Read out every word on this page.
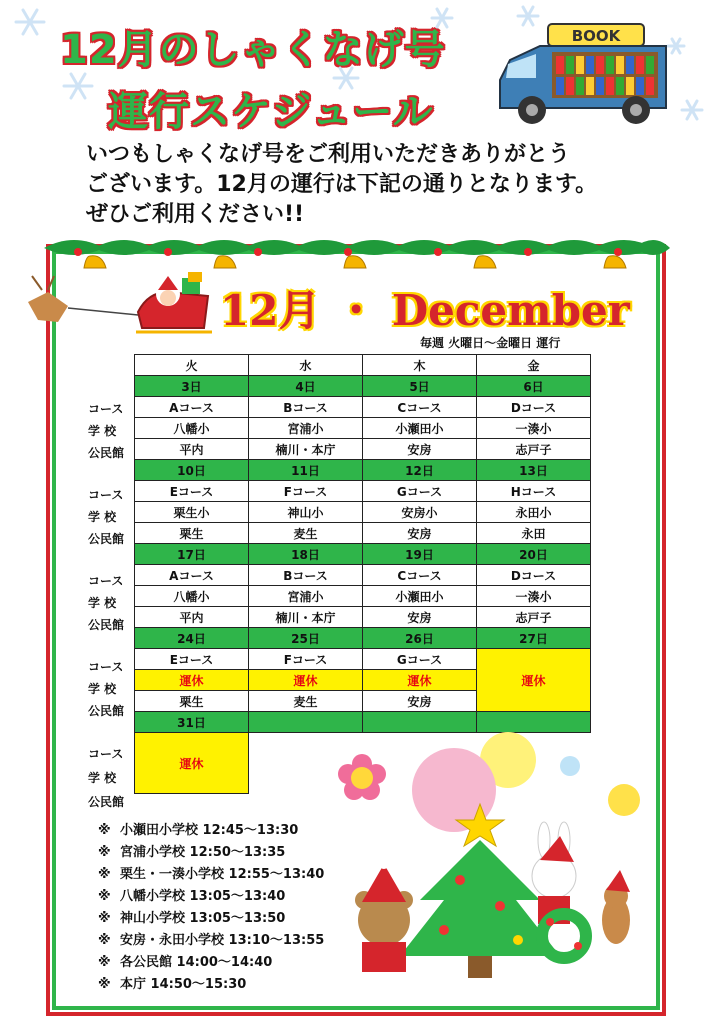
12月のしゃくなげ号
運行スケジュール
BOOK
いつもしゃくなげ号をご利用いただきありがとう
ございます。12月の運行は下記の通りとなります。
ぜひご利用ください!!
12月 ・ December
毎週 火曜日～金曜日 運行
コース
学 校
公民館
コース
学 校
公民館
コース
学 校
公民館
コース
学 校
公民館
コース
学 校
公民館
火	水	木	金
3日	4日	5日	6日
Aコース	Bコース	Cコース	Dコース
八幡小	宮浦小	小瀬田小	一湊小
平内	楠川・本庁	安房	志戸子
10日	11日	12日	13日
Eコース	Fコース	Gコース	Hコース
栗生小	神山小	安房小	永田小
栗生	麦生	安房	永田
17日	18日	19日	20日
Aコース	Bコース	Cコース	Dコース
八幡小	宮浦小	小瀬田小	一湊小
平内	楠川・本庁	安房	志戸子
24日	25日	26日	27日
Eコース	Fコース	Gコース	運休
運休	運休	運休	
栗生	麦生	安房	
31日			
運休			
※ 小瀬田小学校 12:45～13:30
※ 宮浦小学校 12:50～13:35
※ 栗生・一湊小学校 12:55～13:40
※ 八幡小学校 13:05～13:40
※ 神山小学校 13:05～13:50
※ 安房・永田小学校 13:10～13:55
※ 各公民館 14:00～14:40
※ 本庁 14:50～15:30
